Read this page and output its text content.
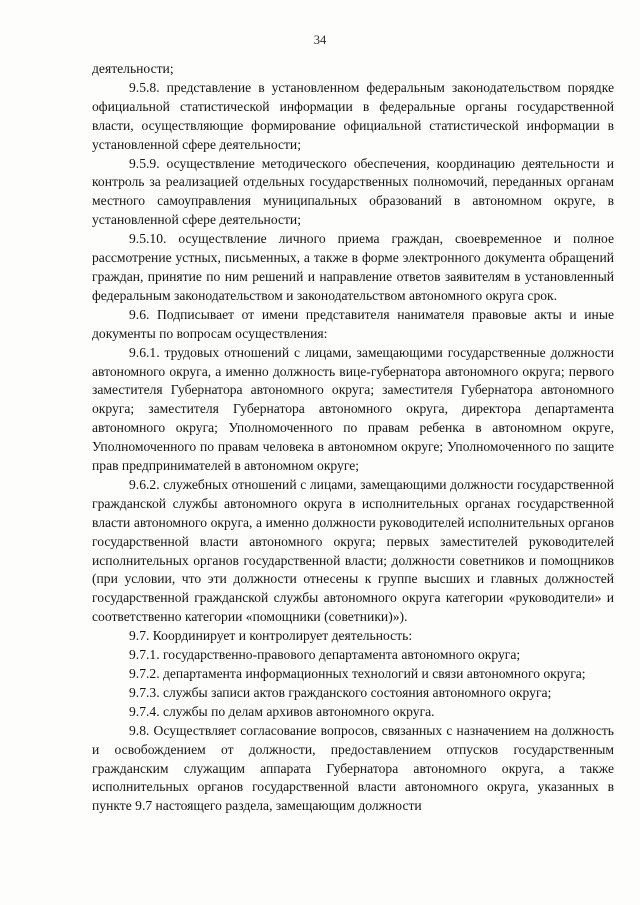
34

деятельности;

9.5.8. представление в установленном федеральным законодательством порядке официальной статистической информации в федеральные органы государственной власти, осуществляющие формирование официальной статистической информации в установленной сфере деятельности;

9.5.9. осуществление методического обеспечения, координацию деятельности и контроль за реализацией отдельных государственных полномочий, переданных органам местного самоуправления муниципальных образований в автономном округе, в установленной сфере деятельности;

9.5.10. осуществление личного приема граждан, своевременное и полное рассмотрение устных, письменных, а также в форме электронного документа обращений граждан, принятие по ним решений и направление ответов заявителям в установленный федеральным законодательством и законодательством автономного округа срок.

9.6. Подписывает от имени представителя нанимателя правовые акты и иные документы по вопросам осуществления:

9.6.1. трудовых отношений с лицами, замещающими государственные должности автономного округа, а именно должность вице-губернатора автономного округа; первого заместителя Губернатора автономного округа; заместителя Губернатора автономного округа; заместителя Губернатора автономного округа, директора департамента автономного округа; Уполномоченного по правам ребенка в автономном округе, Уполномоченного по правам человека в автономном округе; Уполномоченного по защите прав предпринимателей в автономном округе;

9.6.2. служебных отношений с лицами, замещающими должности государственной гражданской службы автономного округа в исполнительных органах государственной власти автономного округа, а именно должности руководителей исполнительных органов государственной власти автономного округа; первых заместителей руководителей исполнительных органов государственной власти; должности советников и помощников (при условии, что эти должности отнесены к группе высших и главных должностей государственной гражданской службы автономного округа категории «руководители» и соответственно категории «помощники (советники)»).

9.7. Координирует и контролирует деятельность:

9.7.1. государственно-правового департамента автономного округа;

9.7.2. департамента информационных технологий и связи автономного округа;

9.7.3. службы записи актов гражданского состояния автономного округа;

9.7.4. службы по делам архивов автономного округа.

9.8. Осуществляет согласование вопросов, связанных с назначением на должность и освобождением от должности, предоставлением отпусков государственным гражданским служащим аппарата Губернатора автономного округа, а также исполнительных органов государственной власти автономного округа, указанных в пункте 9.7 настоящего раздела, замещающим должности
